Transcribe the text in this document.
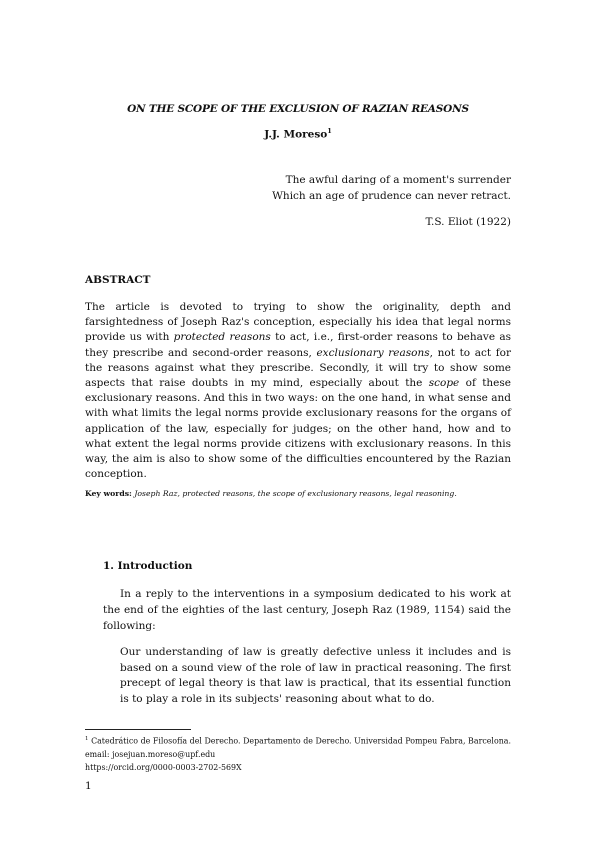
ON THE SCOPE OF THE EXCLUSION OF RAZIAN REASONS
J.J. Moreso$^1$
The awful daring of a moment's surrender
Which an age of prudence can never retract.
T.S. Eliot (1922)
ABSTRACT
The article is devoted to trying to show the originality, depth and farsightedness of Joseph Raz's conception, especially his idea that legal norms provide us with protected reasons to act, i.e., first-order reasons to behave as they prescribe and second-order reasons, exclusionary reasons, not to act for the reasons against what they prescribe. Secondly, it will try to show some aspects that raise doubts in my mind, especially about the scope of these exclusionary reasons. And this in two ways: on the one hand, in what sense and with what limits the legal norms provide exclusionary reasons for the organs of application of the law, especially for judges; on the other hand, how and to what extent the legal norms provide citizens with exclusionary reasons. In this way, the aim is also to show some of the difficulties encountered by the Razian conception.
Key words: Joseph Raz, protected reasons, the scope of exclusionary reasons, legal reasoning.
1. Introduction
In a reply to the interventions in a symposium dedicated to his work at the end of the eighties of the last century, Joseph Raz (1989, 1154) said the following:
Our understanding of law is greatly defective unless it includes and is based on a sound view of the role of law in practical reasoning. The first precept of legal theory is that law is practical, that its essential function is to play a role in its subjects' reasoning about what to do.
$^1$ Catedrático de Filosofía del Derecho. Departamento de Derecho. Universidad Pompeu Fabra, Barcelona. email: josejuan.moreso@upf.edu
https://orcid.org/0000-0003-2702-569X
1
